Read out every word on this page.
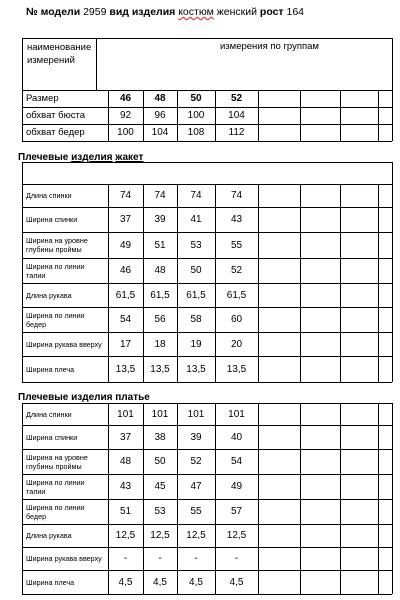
№ модели 2959 вид изделия костюм женский рост 164
Плечевые изделия жакет
Плечевые изделия платье
наименование измерений
измерения по группам
Размер	46	48	50	52
обхват бюста	92	96	100	104
обхват бедер	100	104	108	112
Длина спинки	74	74	74	74
Ширина спинки	37	39	41	43
Ширина на уровне глубины проймы	49	51	53	55
Ширина по линии талии	46	48	50	52
Длина рукава	61,5	61,5	61,5	61,5
Ширина по линии бедер	54	56	58	60
Ширина рукава вверху	17	18	19	20
Ширина плеча	13,5	13,5	13,5	13,5
Длина спинки	101	101	101	101
Ширина спинки	37	38	39	40
Ширина на уровне глубины проймы	48	50	52	54
Ширина по линии талии	43	45	47	49
Ширина по линии бедер	51	53	55	57
Длина рукава	12,5	12,5	12,5	12,5
Ширина рукава вверху	-	-	-	-
Ширина плеча	4,5	4,5	4,5	4,5
